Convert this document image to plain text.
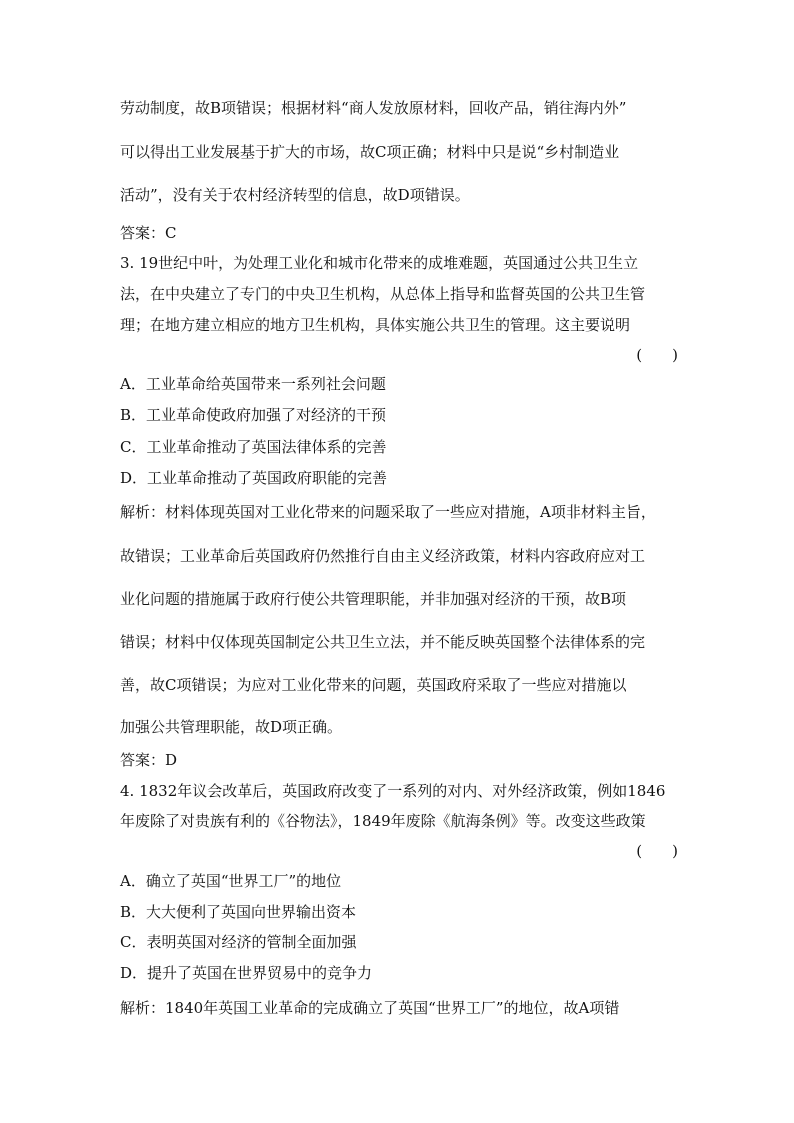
劳动制度，故B项错误；根据材料“商人发放原材料，回收产品，销往海内外”
可以得出工业发展基于扩大的市场，故C项正确；材料中只是说“乡村制造业
活动”，没有关于农村经济转型的信息，故D项错误。
答案：C
3. 19世纪中叶，为处理工业化和城市化带来的成堆难题，英国通过公共卫生立
法，在中央建立了专门的中央卫生机构，从总体上指导和监督英国的公共卫生管
理；在地方建立相应的地方卫生机构，具体实施公共卫生的管理。这主要说明
(　　)
A．工业革命给英国带来一系列社会问题
B．工业革命使政府加强了对经济的干预
C．工业革命推动了英国法律体系的完善
D．工业革命推动了英国政府职能的完善
解析：材料体现英国对工业化带来的问题采取了一些应对措施，A项非材料主旨，
故错误；工业革命后英国政府仍然推行自由主义经济政策，材料内容政府应对工
业化问题的措施属于政府行使公共管理职能，并非加强对经济的干预，故B项
错误；材料中仅体现英国制定公共卫生立法，并不能反映英国整个法律体系的完
善，故C项错误；为应对工业化带来的问题，英国政府采取了一些应对措施以
加强公共管理职能，故D项正确。
答案：D
4. 1832年议会改革后，英国政府改变了一系列的对内、对外经济政策，例如1846
年废除了对贵族有利的《谷物法》，1849年废除《航海条例》等。改变这些政策
(　　)
A．确立了英国“世界工厂”的地位
B．大大便利了英国向世界输出资本
C．表明英国对经济的管制全面加强
D．提升了英国在世界贸易中的竞争力
解析：1840年英国工业革命的完成确立了英国“世界工厂”的地位，故A项错
